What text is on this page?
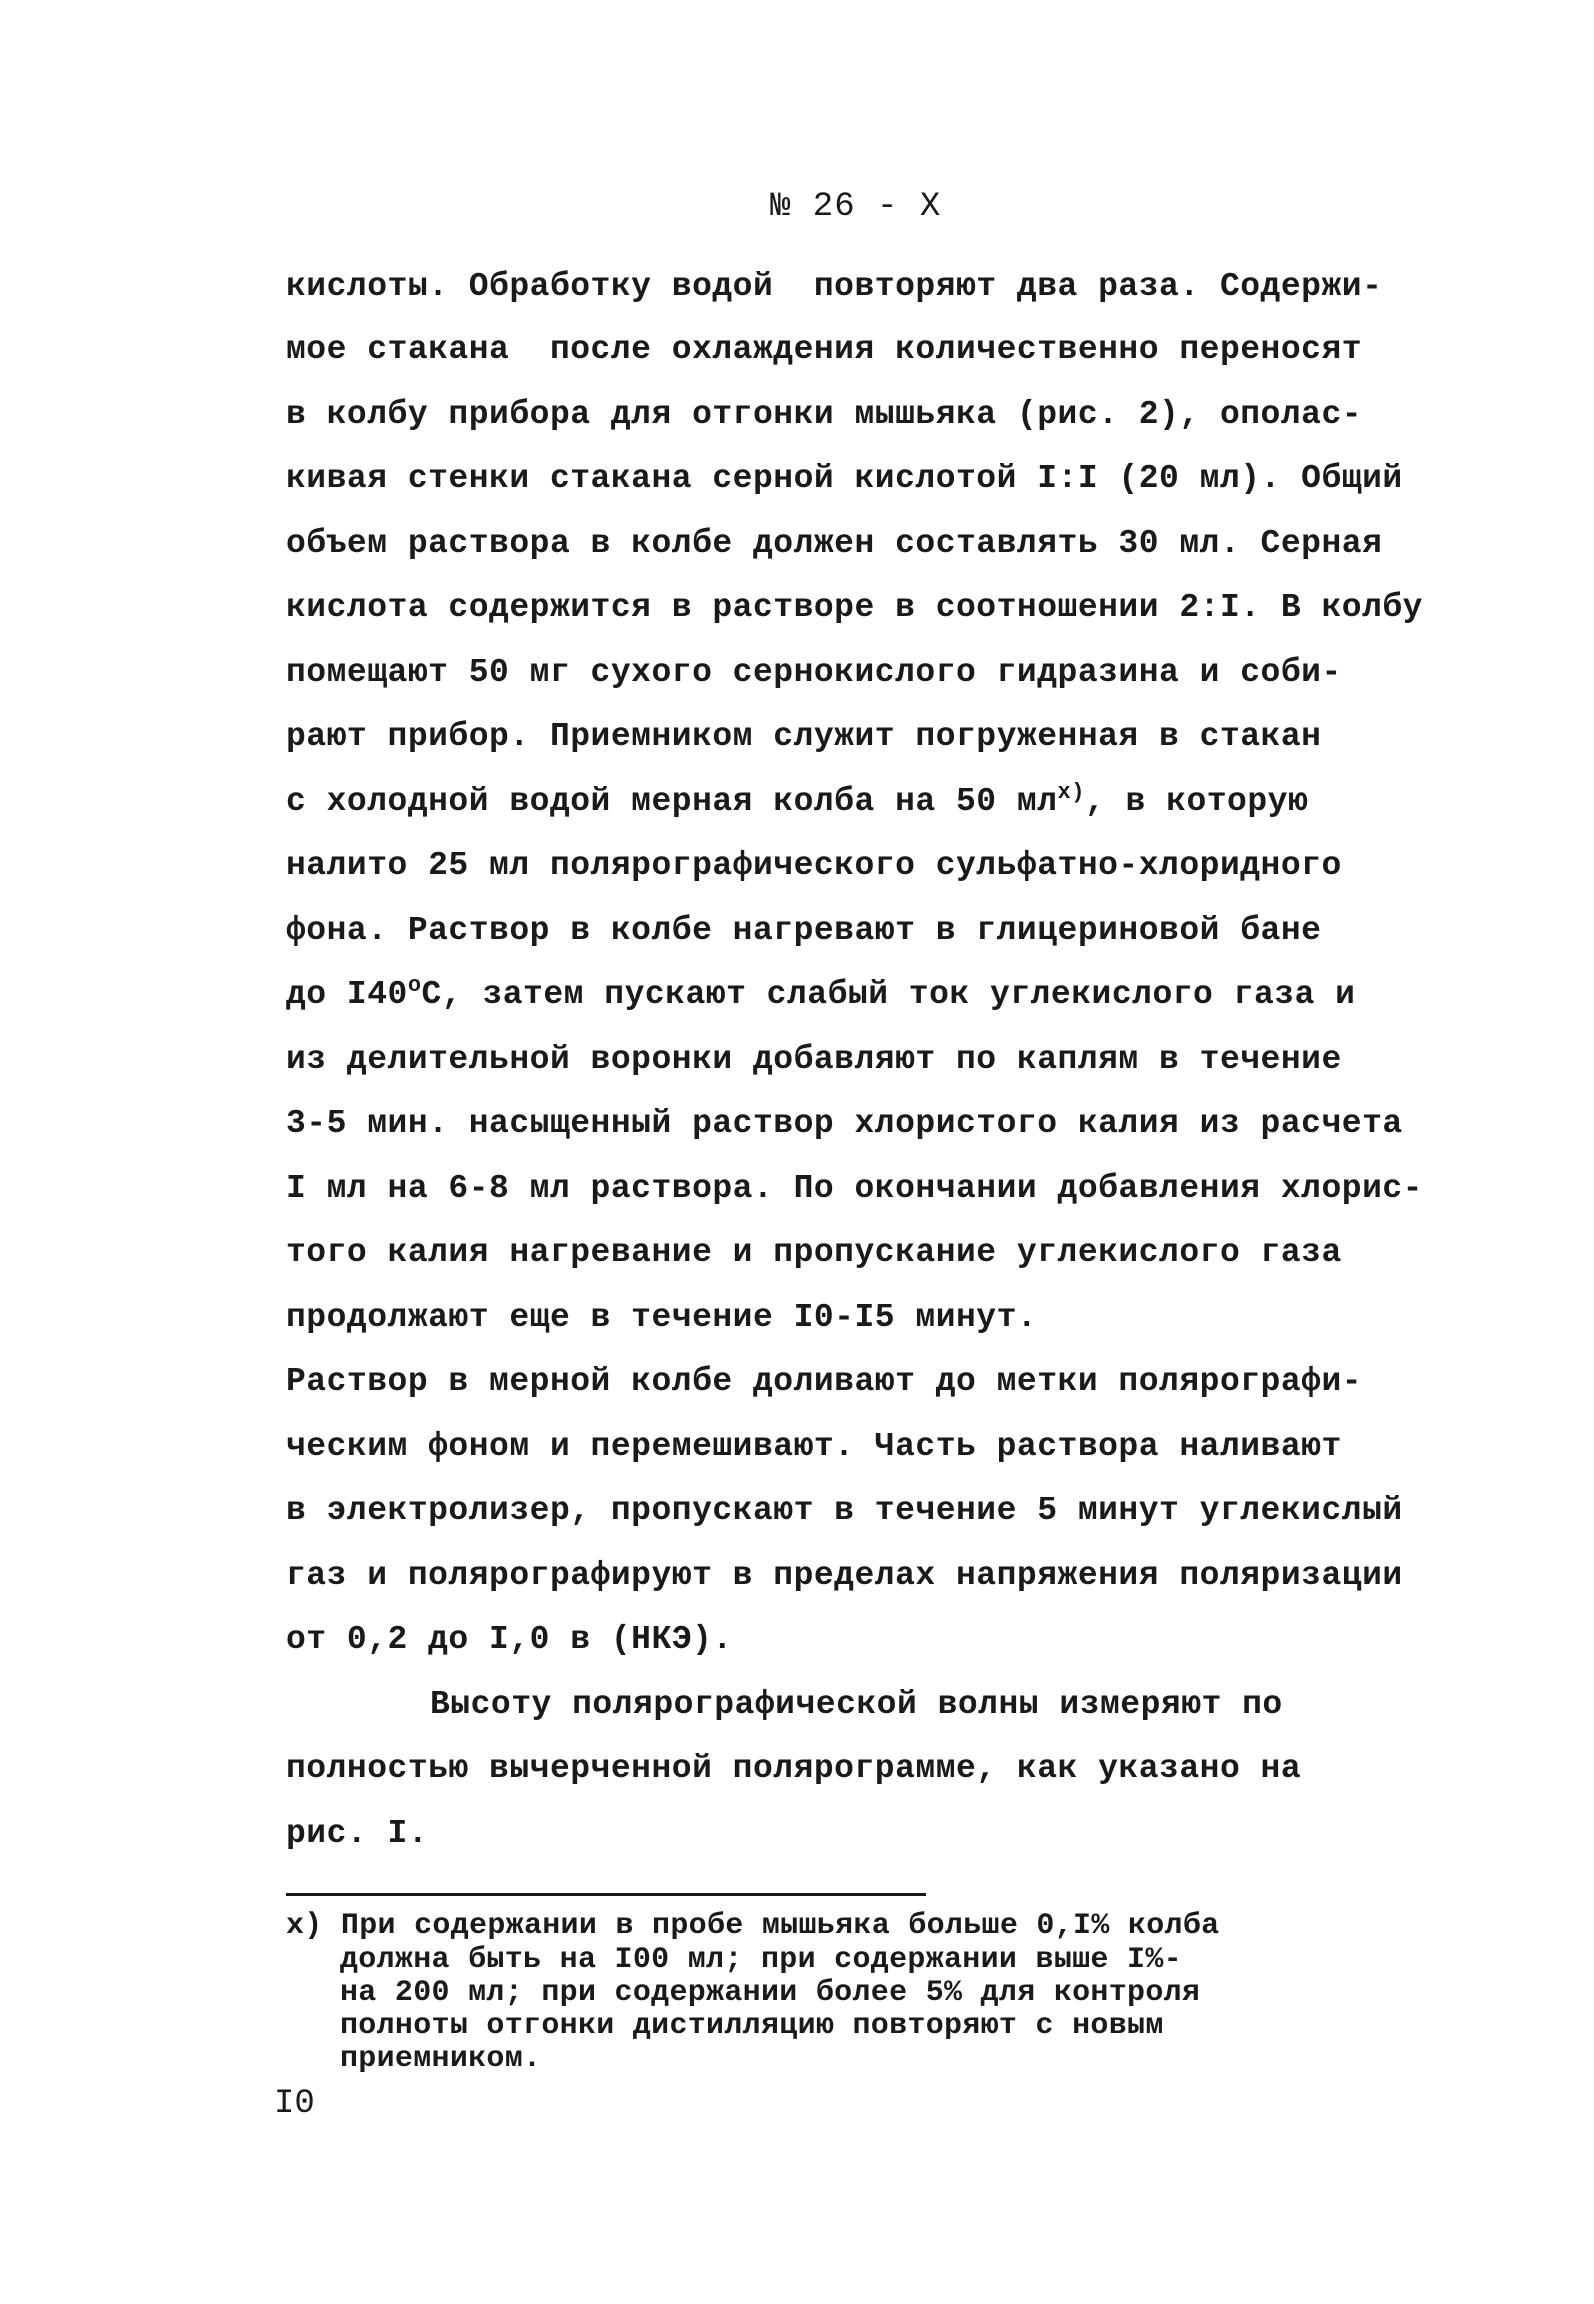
№ 26 - X
кислоты. Обработку водой  повторяют два раза. Содержи-
мое стакана  после охлаждения количественно переносят
в колбу прибора для отгонки мышьяка (рис. 2), ополас-
кивая стенки стакана серной кислотой I:I (20 мл). Общий
объем раствора в колбе должен составлять 30 мл. Серная
кислота содержится в растворе в соотношении 2:I. В колбу
помещают 50 мг сухого сернокислого гидразина и соби-
рают прибор. Приемником служит погруженная в стакан
с холодной водой мерная колба на 50 $мл^{х)}$, в которую
налито 25 мл полярографического сульфатно-хлоридного
фона. Раствор в колбе нагревают в глицериновой бане
до $I40^оС$, затем пускают слабый ток углекислого газа и
из делительной воронки добавляют по каплям в течение
3-5 мин. насыщенный раствор хлористого калия из расчета
I мл на 6-8 мл раствора. По окончании добавления хлорис-
того калия нагревание и пропускание углекислого газа
продолжают еще в течение I0-I5 минут.
Раствор в мерной колбе доливают до метки полярографи-
ческим фоном и перемешивают. Часть раствора наливают
в электролизер, пропускают в течение 5 минут углекислый
газ и полярографируют в пределах напряжения поляризации
от 0,2 до I,0 в (НКЭ).
Высоту полярографической волны измеряют по
полностью вычерченной полярограмме, как указано на
рис. I.
х) При содержании в пробе мышьяка больше 0,I% колба
должна быть на I00 мл; при содержании выше I%-
на 200 мл; при содержании более 5% для контроля
полноты отгонки дистилляцию повторяют с новым
приемником.
I0
